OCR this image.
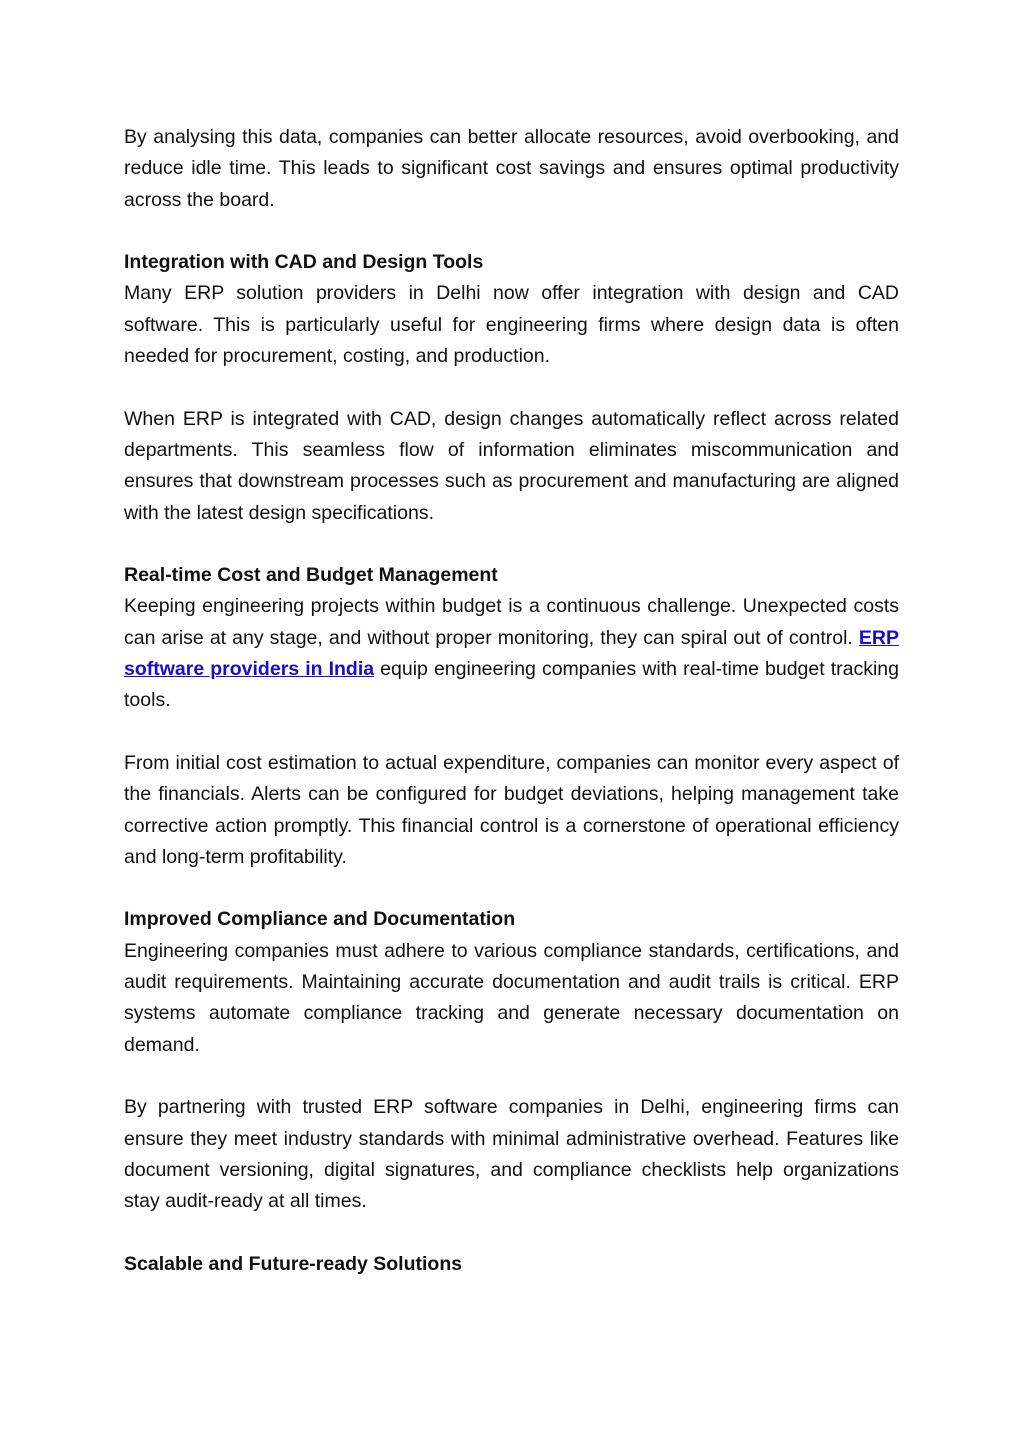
By analysing this data, companies can better allocate resources, avoid overbooking, and reduce idle time. This leads to significant cost savings and ensures optimal productivity across the board.

Integration with CAD and Design Tools

Many ERP solution providers in Delhi now offer integration with design and CAD software. This is particularly useful for engineering firms where design data is often needed for procurement, costing, and production.

When ERP is integrated with CAD, design changes automatically reflect across related departments. This seamless flow of information eliminates miscommunication and ensures that downstream processes such as procurement and manufacturing are aligned with the latest design specifications.

Real-time Cost and Budget Management

Keeping engineering projects within budget is a continuous challenge. Unexpected costs can arise at any stage, and without proper monitoring, they can spiral out of control. ERP software providers in India equip engineering companies with real-time budget tracking tools.

From initial cost estimation to actual expenditure, companies can monitor every aspect of the financials. Alerts can be configured for budget deviations, helping management take corrective action promptly. This financial control is a cornerstone of operational efficiency and long-term profitability.

Improved Compliance and Documentation

Engineering companies must adhere to various compliance standards, certifications, and audit requirements. Maintaining accurate documentation and audit trails is critical. ERP systems automate compliance tracking and generate necessary documentation on demand.

By partnering with trusted ERP software companies in Delhi, engineering firms can ensure they meet industry standards with minimal administrative overhead. Features like document versioning, digital signatures, and compliance checklists help organizations stay audit-ready at all times.

Scalable and Future-ready Solutions
